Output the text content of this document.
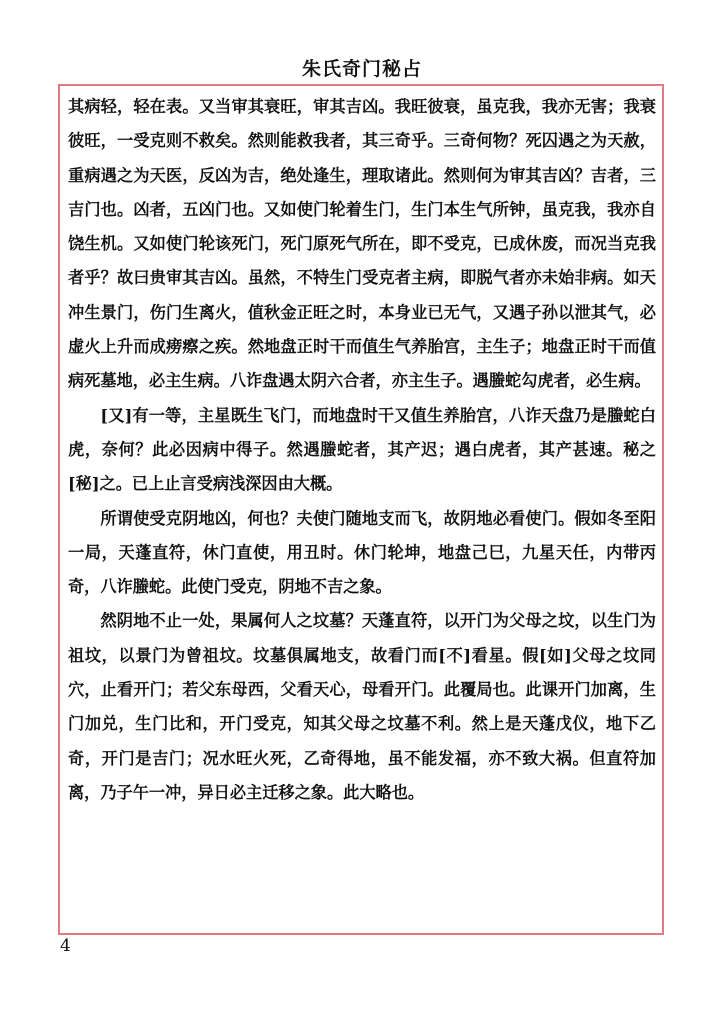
朱氏奇门秘占

其病轻，轻在表。又当审其衰旺，审其吉凶。我旺彼衰，虽克我，我亦无害；我衰彼旺，一受克则不救矣。然则能救我者，其三奇乎。三奇何物？死囚遇之为天赦，重病遇之为天医，反凶为吉，绝处逢生，理取诸此。然则何为审其吉凶？吉者，三吉门也。凶者，五凶门也。又如使门轮着生门，生门本生气所钟，虽克我，我亦自饶生机。又如使门轮该死门，死门原死气所在，即不受克，已成休废，而况当克我者乎？故曰贵审其吉凶。虽然，不特生门受克者主病，即脱气者亦未始非病。如天冲生景门，伤门生离火，值秋金正旺之时，本身业已无气，又遇子孙以泄其气，必虚火上升而成痨瘵之疾。然地盘正时干而值生气养胎宫，主生子；地盘正时干而值病死墓地，必主生病。八诈盘遇太阴六合者，亦主生子。遇螣蛇勾虎者，必生病。

[又]有一等，主星既生飞门，而地盘时干又值生养胎宫，八诈天盘乃是螣蛇白虎，奈何？此必因病中得子。然遇螣蛇者，其产迟；遇白虎者，其产甚速。秘之[秘]之。已上止言受病浅深因由大概。

所谓使受克阴地凶，何也？夫使门随地支而飞，故阴地必看使门。假如冬至阳一局，天蓬直符，休门直使，用丑时。休门轮坤，地盘己巳，九星天任，内带丙奇，八诈螣蛇。此使门受克，阴地不吉之象。

然阴地不止一处，果属何人之坟墓？天蓬直符，以开门为父母之坟，以生门为祖坟，以景门为曾祖坟。坟墓俱属地支，故看门而[不]看星。假[如]父母之坟同穴，止看开门；若父东母西，父看天心，母看开门。此覆局也。此课开门加离，生门加兑，生门比和，开门受克，知其父母之坟墓不利。然上是天蓬戊仪，地下乙奇，开门是吉门；况水旺火死，乙奇得地，虽不能发福，亦不致大祸。但直符加离，乃子午一冲，异日必主迁移之象。此大略也。

4
